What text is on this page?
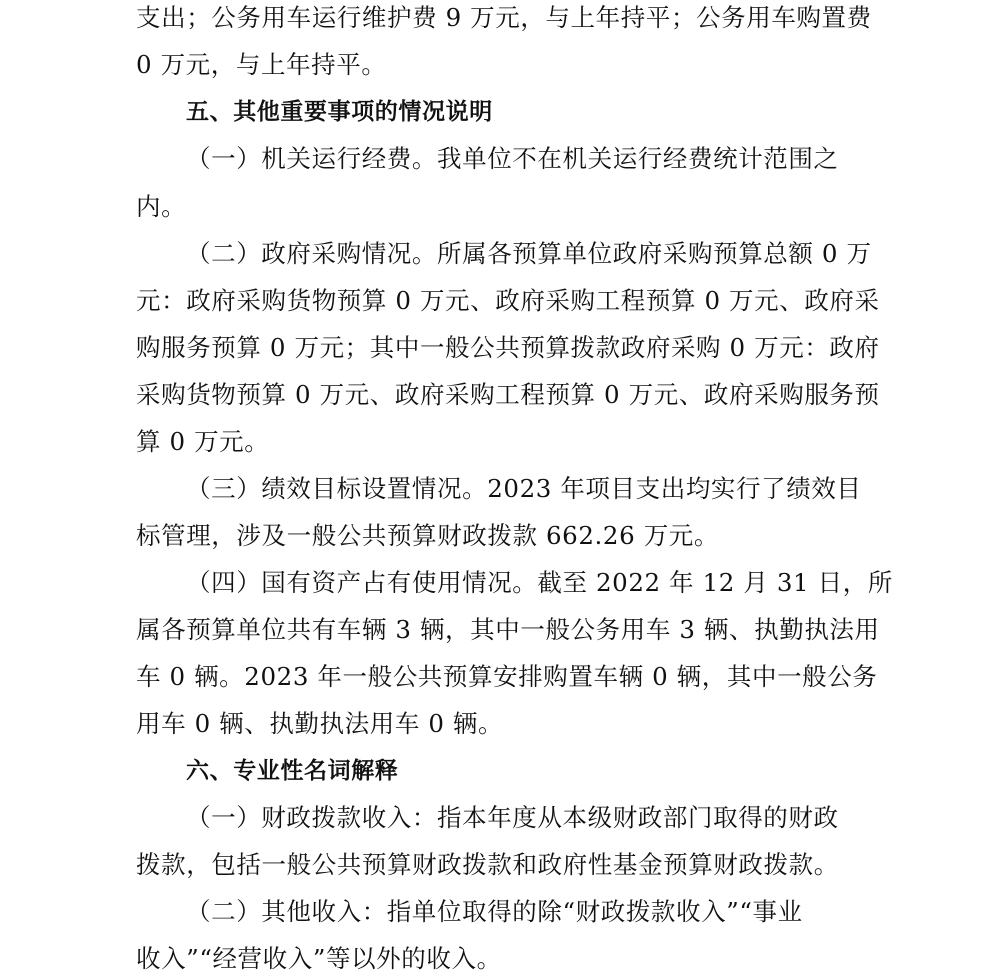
支出；公务用车运行维护费 9 万元，与上年持平；公务用车购置费
0 万元，与上年持平。
五、其他重要事项的情况说明
（一）机关运行经费。我单位不在机关运行经费统计范围之
内。
（二）政府采购情况。所属各预算单位政府采购预算总额 0 万
元：政府采购货物预算 0 万元、政府采购工程预算 0 万元、政府采
购服务预算 0 万元；其中一般公共预算拨款政府采购 0 万元：政府
采购货物预算 0 万元、政府采购工程预算 0 万元、政府采购服务预
算 0 万元。
（三）绩效目标设置情况。2023 年项目支出均实行了绩效目
标管理，涉及一般公共预算财政拨款 662.26 万元。
（四）国有资产占有使用情况。截至 2022 年 12 月 31 日，所
属各预算单位共有车辆 3 辆，其中一般公务用车 3 辆、执勤执法用
车 0 辆。2023 年一般公共预算安排购置车辆 0 辆，其中一般公务
用车 0 辆、执勤执法用车 0 辆。
六、专业性名词解释
（一）财政拨款收入：指本年度从本级财政部门取得的财政
拨款，包括一般公共预算财政拨款和政府性基金预算财政拨款。
（二）其他收入：指单位取得的除“财政拨款收入”“事业
收入”“经营收入”等以外的收入。
